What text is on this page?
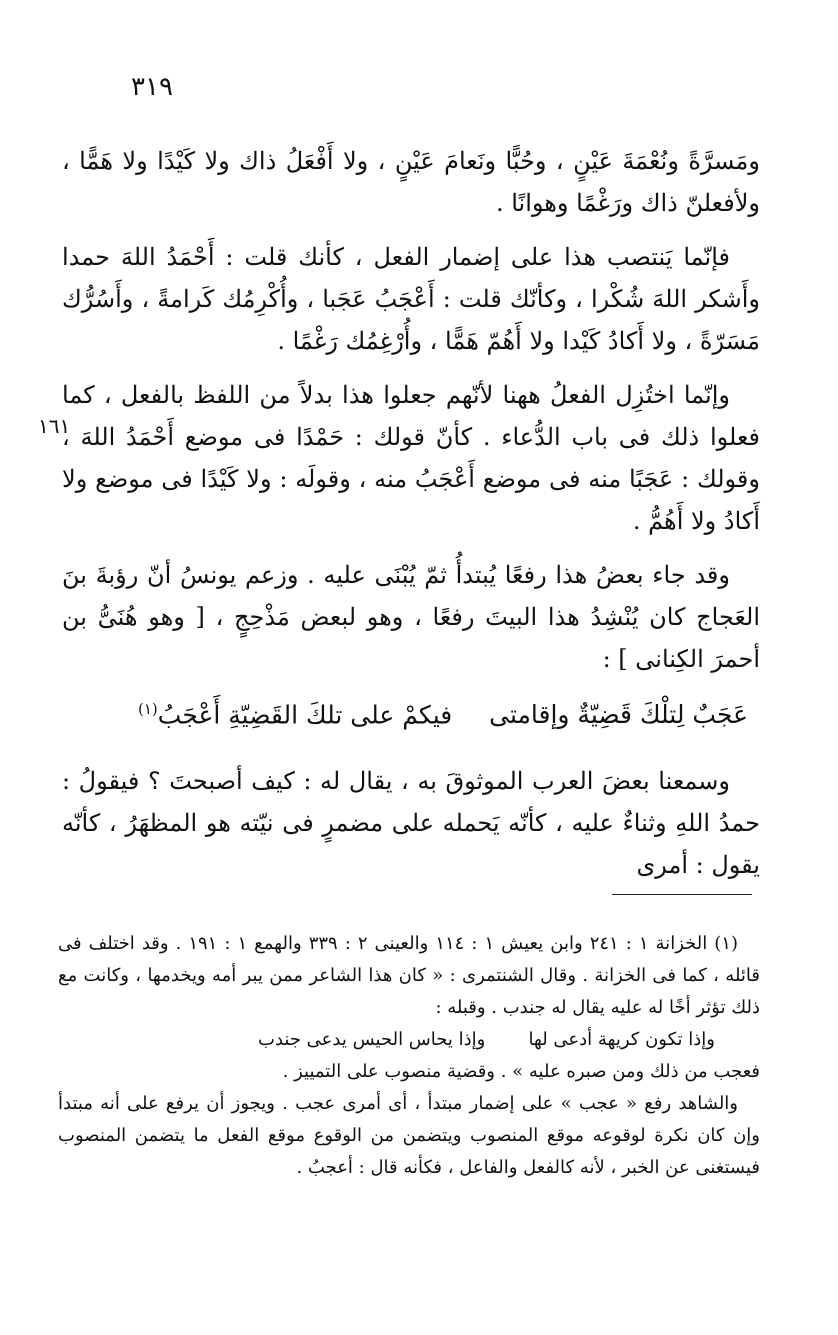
٣١٩
١٦١

ومَسرَّةً ونُعْمَةَ عَيْنٍ ، وحُبًّا ونَعامَ عَيْنٍ ، ولا أَفْعَلُ ذاك ولا كَيْدًا ولا هَمًّا ، ولأفعلنّ ذاك ورَغْمًا وهوانًا .

فإنّما يَنتصب هذا على إضمار الفعل ، كأنك قلت : أَحْمَدُ اللهَ حمدا وأَشكر اللهَ شُكْرا ، وكأنّك قلت : أَعْجَبُ عَجَبا ، وأُكْرِمُك كَرامةً ، وأَسُرُّك مَسَرّةً ، ولا أَكادُ كَيْدا ولا أَهُمّ هَمًّا ، وأُرْغِمُك رَغْمًا .

وإنّما اختُزِل الفعلُ ههنا لأنّهم جعلوا هذا بدلاً من اللفظ بالفعل ، كما فعلوا ذلك فى باب الدُّعاء . كأنّ قولك : حَمْدًا فى موضع أَحْمَدُ اللهَ ، وقولك : عَجَبًا منه فى موضع أَعْجَبُ منه ، وقولَه : ولا كَيْدًا فى موضع ولا أَكادُ ولا أَهُمُّ .

وقد جاء بعضُ هذا رفعًا يُبتدأُ ثمّ يُبْنَى عليه . وزعم يونسُ أنّ رؤبةَ بنَ العَجاج كان يُنْشِدُ هذا البيتَ رفعًا ، وهو لبعض مَذْحِجٍ ، [ وهو هُنَىُّ بن أحمرَ الكِنانى ] :

عَجَبٌ لِتلْكَ قَضِيّةٌ وإقامتى
فيكمْ على تلكَ القَضِيّةِ أَعْجَبُ$^{(١)}$

وسمعنا بعضَ العرب الموثوقَ به ، يقال له : كيف أصبحتَ ؟ فيقولُ : حمدُ اللهِ وثناءٌ عليه ، كأنّه يَحمله على مضمرٍ فى نيّته هو المظهَرُ ، كأنّه يقول : أمرى

(١) الخزانة ١ : ٢٤١ وابن يعيش ١ : ١١٤ والعينى ٢ : ٣٣٩ والهمع ١ : ١٩١ . وقد اختلف فى قائله ، كما فى الخزانة . وقال الشنتمرى : « كان هذا الشاعر ممن يبر أمه ويخدمها ، وكانت مع ذلك تؤثر أخًا له عليه يقال له جندب . وقبله :

وإذا تكون كريهة أدعى لها
وإذا يحاس الحيس يدعى جندب

فعجب من ذلك ومن صبره عليه » . وقضية منصوب على التمييز .

والشاهد رفع « عجب » على إضمار مبتدأ ، أى أمرى عجب . ويجوز أن يرفع على أنه مبتدأ وإن كان نكرة لوقوعه موقع المنصوب ويتضمن من الوقوع موقع الفعل ما يتضمن المنصوب فيستغنى عن الخبر ، لأنه كالفعل والفاعل ، فكأنه قال : أعجبُ .
